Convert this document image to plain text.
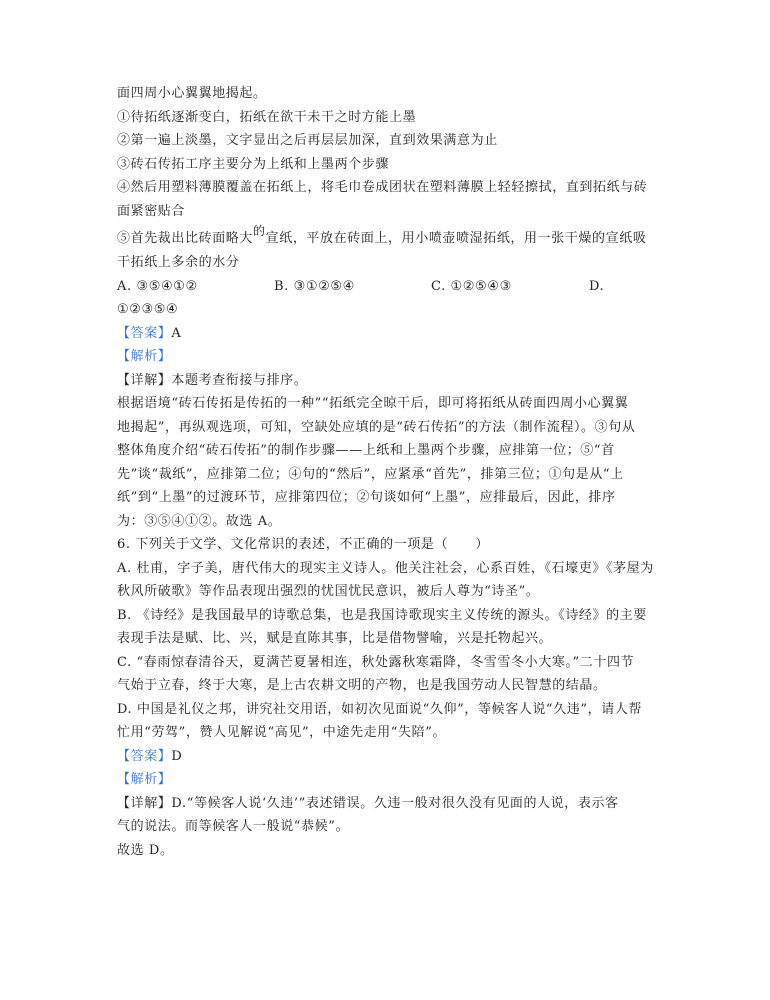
面四周小心翼翼地揭起。
①待拓纸逐渐变白，拓纸在欲干未干之时方能上墨
②第一遍上淡墨，文字显出之后再层层加深，直到效果满意为止
③砖石传拓工序主要分为上纸和上墨两个步骤
④然后用塑料薄膜覆盖在拓纸上，将毛巾卷成团状在塑料薄膜上轻轻擦拭，直到拓纸与砖
面紧密贴合
⑤首先裁出比砖面略大的宣纸，平放在砖面上，用小喷壶喷湿拓纸，用一张干燥的宣纸吸
干拓纸上多余的水分
A. ③⑤④①②	B. ③①②⑤④	C. ①②⑤④③	D.
①②③⑤④
【答案】A
【解析】
【详解】本题考查衔接与排序。
根据语境“砖石传拓是传拓的一种”“拓纸完全晾干后，即可将拓纸从砖面四周小心翼翼
地揭起”，再纵观选项，可知，空缺处应填的是“砖石传拓”的方法（制作流程）。③句从
整体角度介绍“砖石传拓”的制作步骤——上纸和上墨两个步骤，应排第一位；⑤“首
先”谈“裁纸”，应排第二位；④句的“然后”，应紧承“首先”，排第三位；①句是从“上
纸”到“上墨”的过渡环节，应排第四位；②句谈如何“上墨”，应排最后，因此，排序
为：③⑤④①②。故选 A。
6. 下列关于文学、文化常识的表述，不正确的一项是（　　）
A. 杜甫，字子美，唐代伟大的现实主义诗人。他关注社会，心系百姓，《石壕吏》《茅屋为
秋风所破歌》等作品表现出强烈的忧国忧民意识，被后人尊为“诗圣”。
B. 《诗经》是我国最早的诗歌总集，也是我国诗歌现实主义传统的源头。《诗经》的主要
表现手法是赋、比、兴，赋是直陈其事，比是借物譬喻，兴是托物起兴。
C. “春雨惊春清谷天，夏满芒夏暑相连，秋处露秋寒霜降，冬雪雪冬小大寒。”二十四节
气始于立春，终于大寒，是上古农耕文明的产物，也是我国劳动人民智慧的结晶。
D. 中国是礼仪之邦，讲究社交用语，如初次见面说“久仰”，等候客人说“久违”，请人帮
忙用“劳驾”，赞人见解说“高见”，中途先走用“失陪”。
【答案】D
【解析】
【详解】D.“等候客人说‘久违’”表述错误。久违一般对很久没有见面的人说，表示客
气的说法。而等候客人一般说“恭候”。
故选 D。
